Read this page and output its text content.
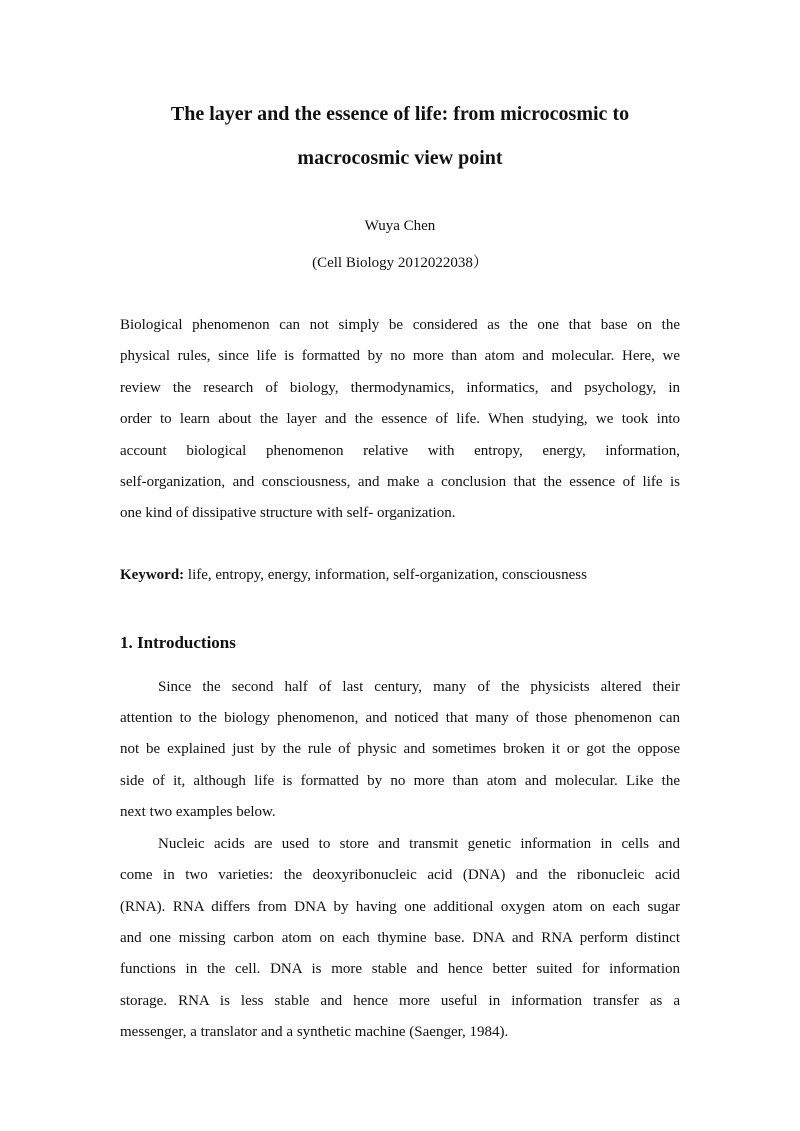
The layer and the essence of life: from microcosmic to
macrocosmic view point
Wuya Chen
(Cell Biology 2012022038）
Biological phenomenon can not simply be considered as the one that base on the
physical rules, since life is formatted by no more than atom and molecular. Here, we
review the research of biology, thermodynamics, informatics, and psychology, in
order to learn about the layer and the essence of life. When studying, we took into
account biological phenomenon relative with entropy, energy, information,
self-organization, and consciousness, and make a conclusion that the essence of life is
one kind of dissipative structure with self- organization.
Keyword: life, entropy, energy, information, self-organization, consciousness
1. Introductions
Since the second half of last century, many of the physicists altered their
attention to the biology phenomenon, and noticed that many of those phenomenon can
not be explained just by the rule of physic and sometimes broken it or got the oppose
side of it, although life is formatted by no more than atom and molecular. Like the
next two examples below.
Nucleic acids are used to store and transmit genetic information in cells and
come in two varieties: the deoxyribonucleic acid (DNA) and the ribonucleic acid
(RNA). RNA differs from DNA by having one additional oxygen atom on each sugar
and one missing carbon atom on each thymine base. DNA and RNA perform distinct
functions in the cell. DNA is more stable and hence better suited for information
storage. RNA is less stable and hence more useful in information transfer as a
messenger, a translator and a synthetic machine (Saenger, 1984).
